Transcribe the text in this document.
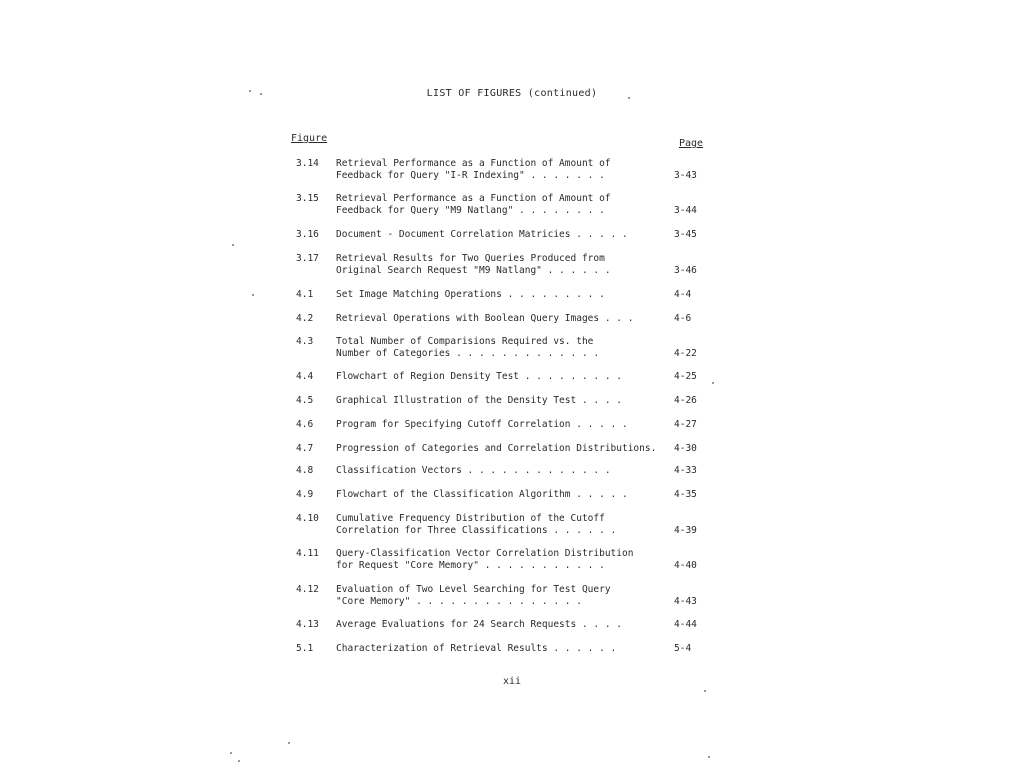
LIST OF FIGURES (continued)
Figure	Page
3.14	Retrieval Performance as a Function of Amount of
Feedback for Query "I-R Indexing" . . . . . . .	3-43
3.15	Retrieval Performance as a Function of Amount of
Feedback for Query "M9 Natlang" . . . . . . . .	3-44
3.16	Document - Document Correlation Matricies . . . . .	3-45
3.17	Retrieval Results for Two Queries Produced from
Original Search Request "M9 Natlang" . . . . . .	3-46
4.1	Set Image Matching Operations . . . . . . . . .	4-4
4.2	Retrieval Operations with Boolean Query Images . . .	4-6
4.3	Total Number of Comparisions Required vs. the
Number of Categories . . . . . . . . . . . . .	4-22
4.4	Flowchart of Region Density Test . . . . . . . . .	4-25
4.5	Graphical Illustration of the Density Test . . . .	4-26
4.6	Program for Specifying Cutoff Correlation . . . . .	4-27
4.7	Progression of Categories and Correlation Distributions.	4-30
4.8	Classification Vectors . . . . . . . . . . . . .	4-33
4.9	Flowchart of the Classification Algorithm . . . . .	4-35
4.10	Cumulative Frequency Distribution of the Cutoff
Correlation for Three Classifications . . . . . .	4-39
4.11	Query-Classification Vector Correlation Distribution
for Request "Core Memory" . . . . . . . . . . .	4-40
4.12	Evaluation of Two Level Searching for Test Query
"Core Memory" . . . . . . . . . . . . . . .	4-43
4.13	Average Evaluations for 24 Search Requests . . . .	4-44
5.1	Characterization of Retrieval Results . . . . . .	5-4
xii
